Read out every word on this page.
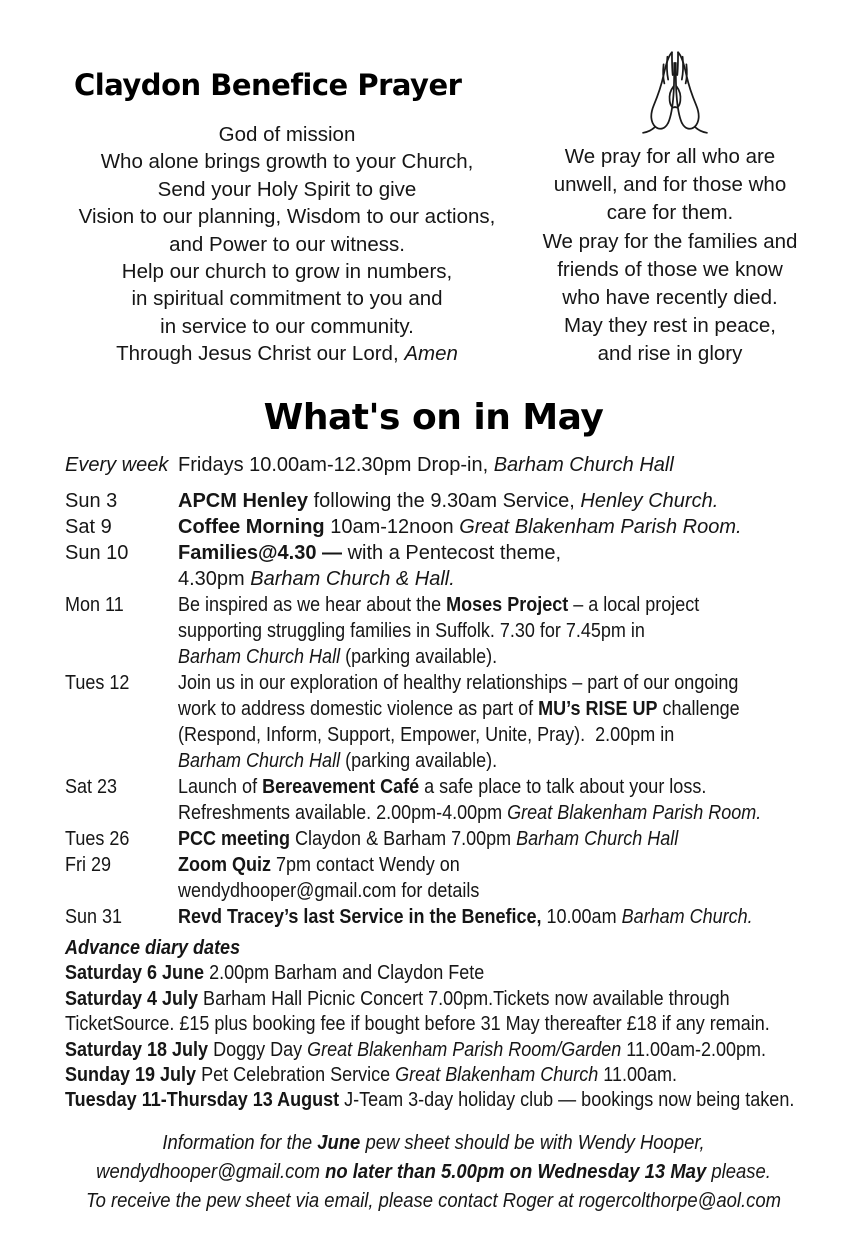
Claydon Benefice Prayer
God of mission
Who alone brings growth to your Church,
Send your Holy Spirit to give
Vision to our planning, Wisdom to our actions,
and Power to our witness.
Help our church to grow in numbers,
in spiritual commitment to you and
in service to our community.
Through Jesus Christ our Lord, Amen
We pray for all who are
unwell, and for those who
care for them.
We pray for the families and
friends of those we know
who have recently died.
May they rest in peace,
and rise in glory
What's on in May
Every week Fridays 10.00am-12.30pm Drop-in, Barham Church Hall
Sun 3	APCM Henley following the 9.30am Service, Henley Church.
Sat 9	Coffee Morning 10am-12noon Great Blakenham Parish Room.
Sun 10	Families@4.30 — with a Pentecost theme,
4.30pm Barham Church & Hall.
Mon 11	Be inspired as we hear about the Moses Project – a local project
supporting struggling families in Suffolk. 7.30 for 7.45pm in
Barham Church Hall (parking available).
Tues 12	Join us in our exploration of healthy relationships – part of our ongoing
work to address domestic violence as part of MU’s RISE UP challenge
(Respond, Inform, Support, Empower, Unite, Pray).  2.00pm in
Barham Church Hall (parking available).
Sat 23	Launch of Bereavement Café a safe place to talk about your loss.
Refreshments available. 2.00pm-4.00pm Great Blakenham Parish Room.
Tues 26	PCC meeting Claydon & Barham 7.00pm Barham Church Hall
Fri 29	Zoom Quiz 7pm contact Wendy on
wendydhooper@gmail.com for details
Sun 31	Revd Tracey’s last Service in the Benefice, 10.00am Barham Church.
Advance diary dates
Saturday 6 June 2.00pm Barham and Claydon Fete
Saturday 4 July Barham Hall Picnic Concert 7.00pm.Tickets now available through
TicketSource. £15 plus booking fee if bought before 31 May thereafter £18 if any remain.
Saturday 18 July Doggy Day Great Blakenham Parish Room/Garden 11.00am-2.00pm.
Sunday 19 July Pet Celebration Service Great Blakenham Church 11.00am.
Tuesday 11-Thursday 13 August J-Team 3-day holiday club — bookings now being taken.
Information for the June pew sheet should be with Wendy Hooper,
wendydhooper@gmail.com no later than 5.00pm on Wednesday 13 May please.
To receive the pew sheet via email, please contact Roger at rogercolthorpe@aol.com
